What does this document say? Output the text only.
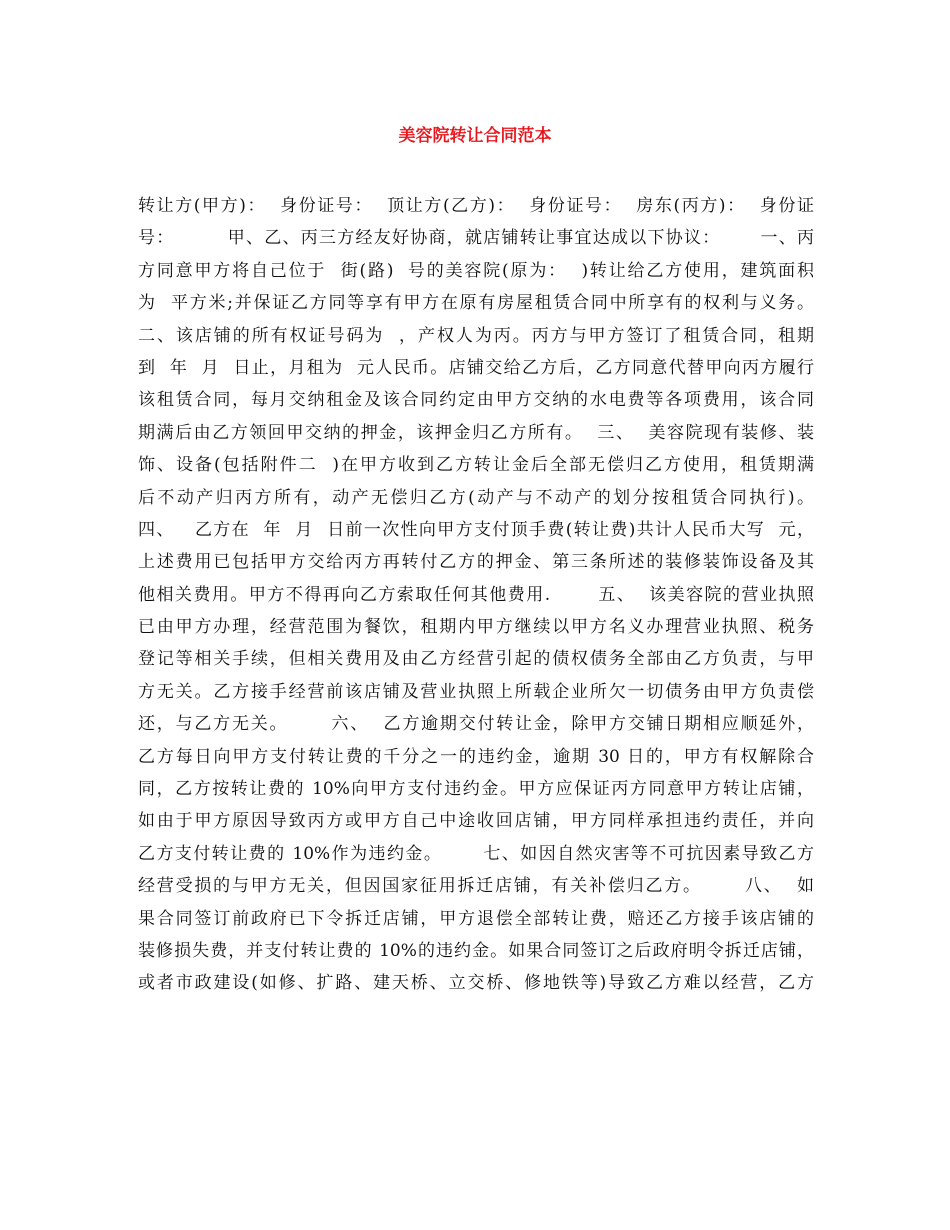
美容院转让合同范本
转让方(甲方)：  身份证号：  顶让方(乙方)：  身份证号：  房东(丙方)：  身份证
号：        甲、乙、丙三方经友好协商，就店铺转让事宜达成以下协议：      一、丙
方同意甲方将自己位于  街(路)  号的美容院(原为：  )转让给乙方使用，建筑面积
为  平方米;并保证乙方同等享有甲方在原有房屋租赁合同中所享有的权利与义务。
二、该店铺的所有权证号码为  ，产权人为丙。丙方与甲方签订了租赁合同，租期
到  年  月  日止，月租为  元人民币。店铺交给乙方后，乙方同意代替甲向丙方履行
该租赁合同，每月交纳租金及该合同约定由甲方交纳的水电费等各项费用，该合同
期满后由乙方领回甲交纳的押金，该押金归乙方所有。  三、  美容院现有装修、装
饰、设备(包括附件二  )在甲方收到乙方转让金后全部无偿归乙方使用，租赁期满
后不动产归丙方所有，动产无偿归乙方(动产与不动产的划分按租赁合同执行)。
四、   乙方在  年  月  日前一次性向甲方支付顶手费(转让费)共计人民币大写  元，
上述费用已包括甲方交给丙方再转付乙方的押金、第三条所述的装修装饰设备及其
他相关费用。甲方不得再向乙方索取任何其他费用.       五、  该美容院的营业执照
已由甲方办理，经营范围为餐饮，租期内甲方继续以甲方名义办理营业执照、税务
登记等相关手续，但相关费用及由乙方经营引起的债权债务全部由乙方负责，与甲
方无关。乙方接手经营前该店铺及营业执照上所载企业所欠一切债务由甲方负责偿
还，与乙方无关。      六、  乙方逾期交付转让金，除甲方交铺日期相应顺延外，
乙方每日向甲方支付转让费的千分之一的违约金，逾期 30 日的，甲方有权解除合
同，乙方按转让费的 10%向甲方支付违约金。甲方应保证丙方同意甲方转让店铺，
如由于甲方原因导致丙方或甲方自己中途收回店铺，甲方同样承担违约责任，并向
乙方支付转让费的 10%作为违约金。      七、如因自然灾害等不可抗因素导致乙方
经营受损的与甲方无关，但因国家征用拆迁店铺，有关补偿归乙方。      八、  如
果合同签订前政府已下令拆迁店铺，甲方退偿全部转让费，赔还乙方接手该店铺的
装修损失费，并支付转让费的 10%的违约金。如果合同签订之后政府明令拆迁店铺，
或者市政建设(如修、扩路、建天桥、立交桥、修地铁等)导致乙方难以经营，乙方
